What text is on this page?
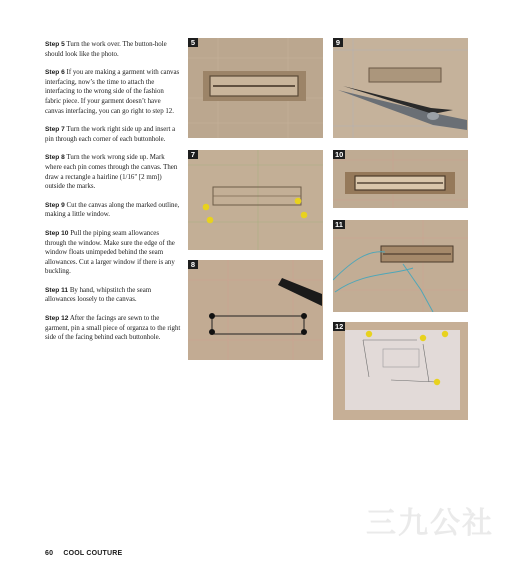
Step 5 Turn the work over. The button-hole should look like the photo.

Step 6 If you are making a garment with canvas interfacing, now’s the time to attach the interfacing to the wrong side of the fashion fabric piece. If your garment doesn’t have canvas interfacing, you can go right to step 12.

Step 7 Turn the work right side up and insert a pin through each corner of each buttonhole.

Step 8 Turn the work wrong side up. Mark where each pin comes through the canvas. Then draw a rectangle a hairline (1/16" [2 mm]) outside the marks.

Step 9 Cut the canvas along the marked outline, making a little window.

Step 10 Pull the piping seam allowances through the window. Make sure the edge of the window floats unimpeded behind the seam allowances. Cut a larger window if there is any buckling.

Step 11 By hand, whipstitch the seam allowances loosely to the canvas.

Step 12 After the facings are sewn to the garment, pin a small piece of organza to the right side of the facing behind each buttonhole.

5
7
8
9
10
11
12
三九公社
60 COOL COUTURE
